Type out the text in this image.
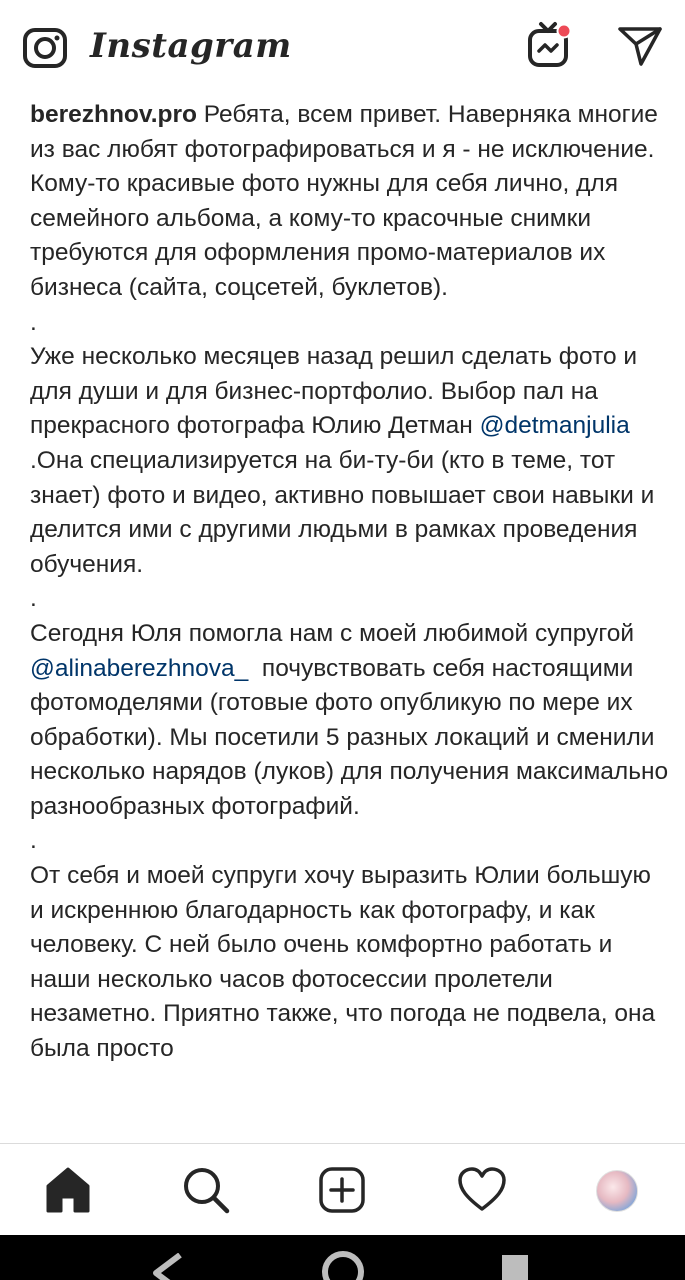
Instagram

berezhnov.pro Ребята, всем привет. Наверняка многие из вас любят фотографироваться и я - не исключение. Кому-то красивые фото нужны для себя лично, для семейного альбома, а кому-то красочные снимки требуются для оформления промо-материалов их бизнеса (сайта, соцсетей, буклетов).

.

Уже несколько месяцев назад решил сделать фото и для души и для бизнес-портфолио. Выбор пал на прекрасного фотографа Юлию Детман @detmanjulia .Она специализируется на би-ту-би (кто в теме, тот знает) фото и видео, активно повышает свои навыки и делится ими с другими людьми в рамках проведения обучения.

.

Сегодня Юля помогла нам с моей любимой супругой @alinaberezhnova_  почувствовать себя настоящими фотомоделями (готовые фото опубликую по мере их обработки). Мы посетили 5 разных локаций и сменили несколько нарядов (луков) для получения максимально разнообразных фотографий.

.

От себя и моей супруги хочу выразить Юлии большую и искреннюю благодарность как фотографу, и как человеку. С ней было очень комфортно работать и наши несколько часов фотосессии пролетели незаметно. Приятно также, что погода не подвела, она была просто
